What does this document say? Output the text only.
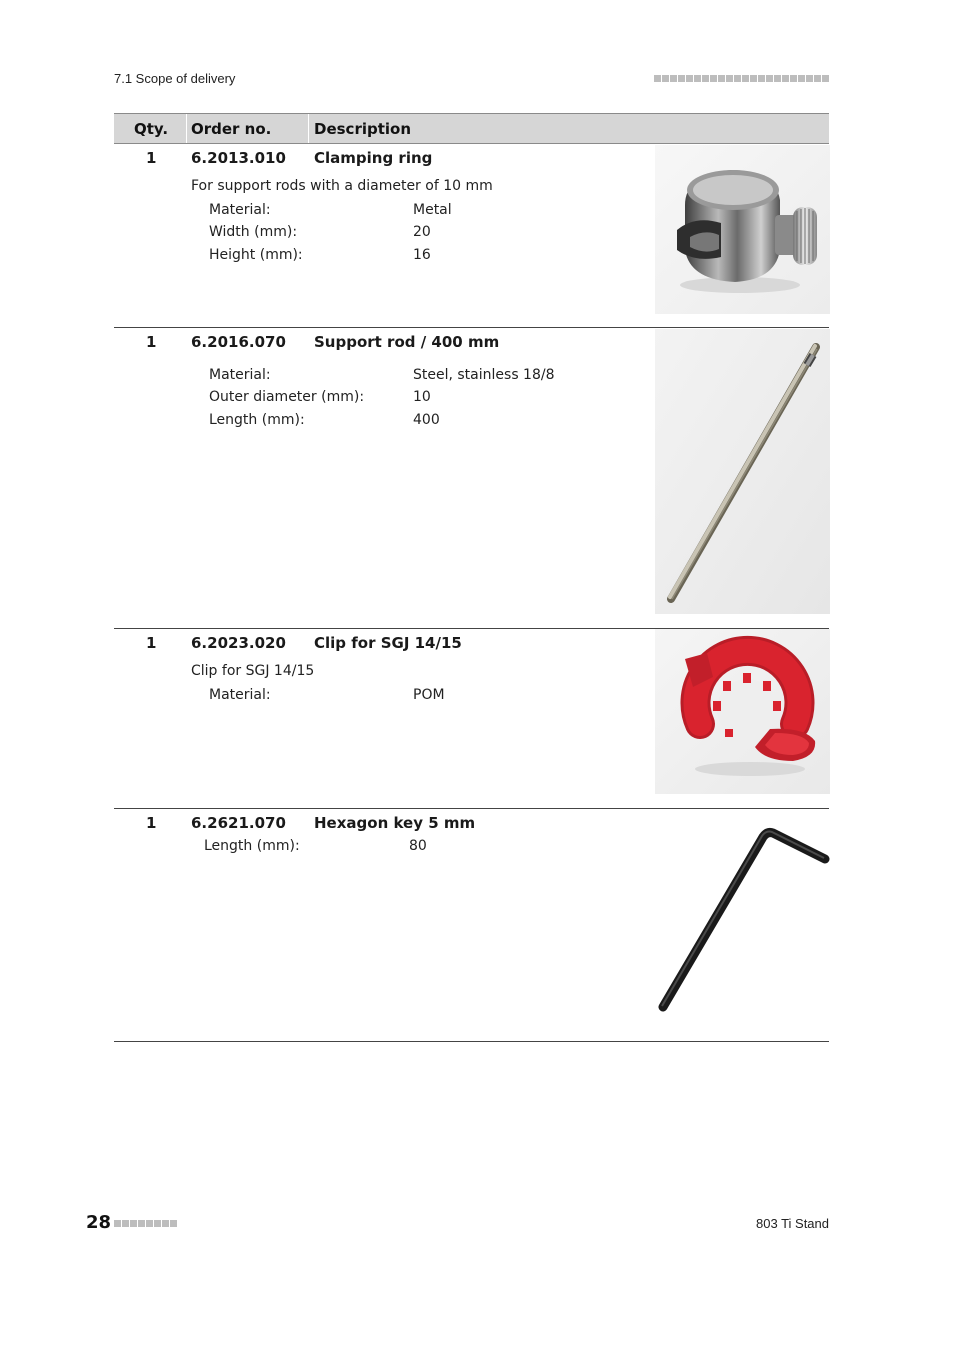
7.1 Scope of delivery
Qty. Order no.	Description
1 6.2013.010 Clamping ring
For support rods with a diameter of 10 mm
Material:	Metal
Width (mm):	20
Height (mm):	16
1 6.2016.070 Support rod / 400 mm
Material:	Steel, stainless 18/8
Outer diameter (mm):	10
Length (mm):	400
1 6.2023.020 Clip for SGJ 14/15
Clip for SGJ 14/15
Material:	POM
1 6.2621.070 Hexagon key 5 mm
Length (mm):	80
28	803 Ti Stand
